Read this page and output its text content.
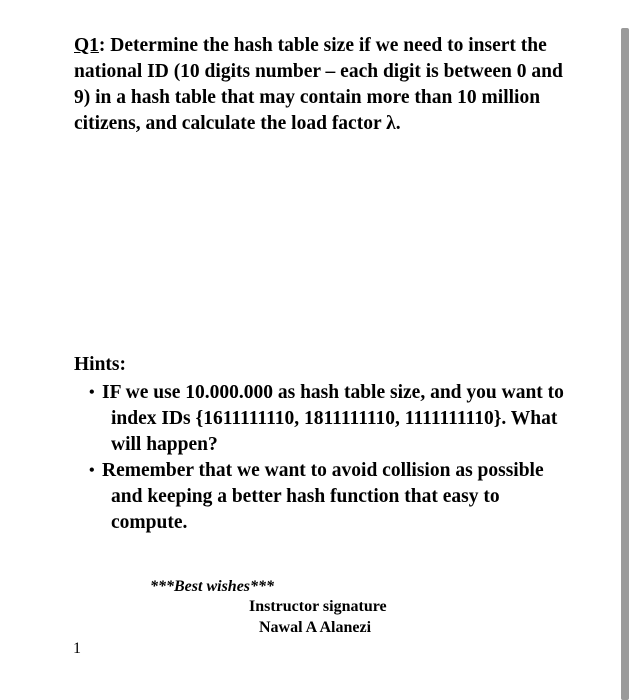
Q1: Determine the hash table size if we need to insert the national ID (10 digits number – each digit is between 0 and 9) in a hash table that may contain more than 10 million citizens, and calculate the load factor λ.
Hints:
• IF we use 10.000.000 as hash table size, and you want to index IDs {1611111110, 1811111110, 1111111110}. What will happen?
• Remember that we want to avoid collision as possible and keeping a better hash function that easy to compute.
***Best wishes***
Instructor signature
Nawal A Alanezi
1
